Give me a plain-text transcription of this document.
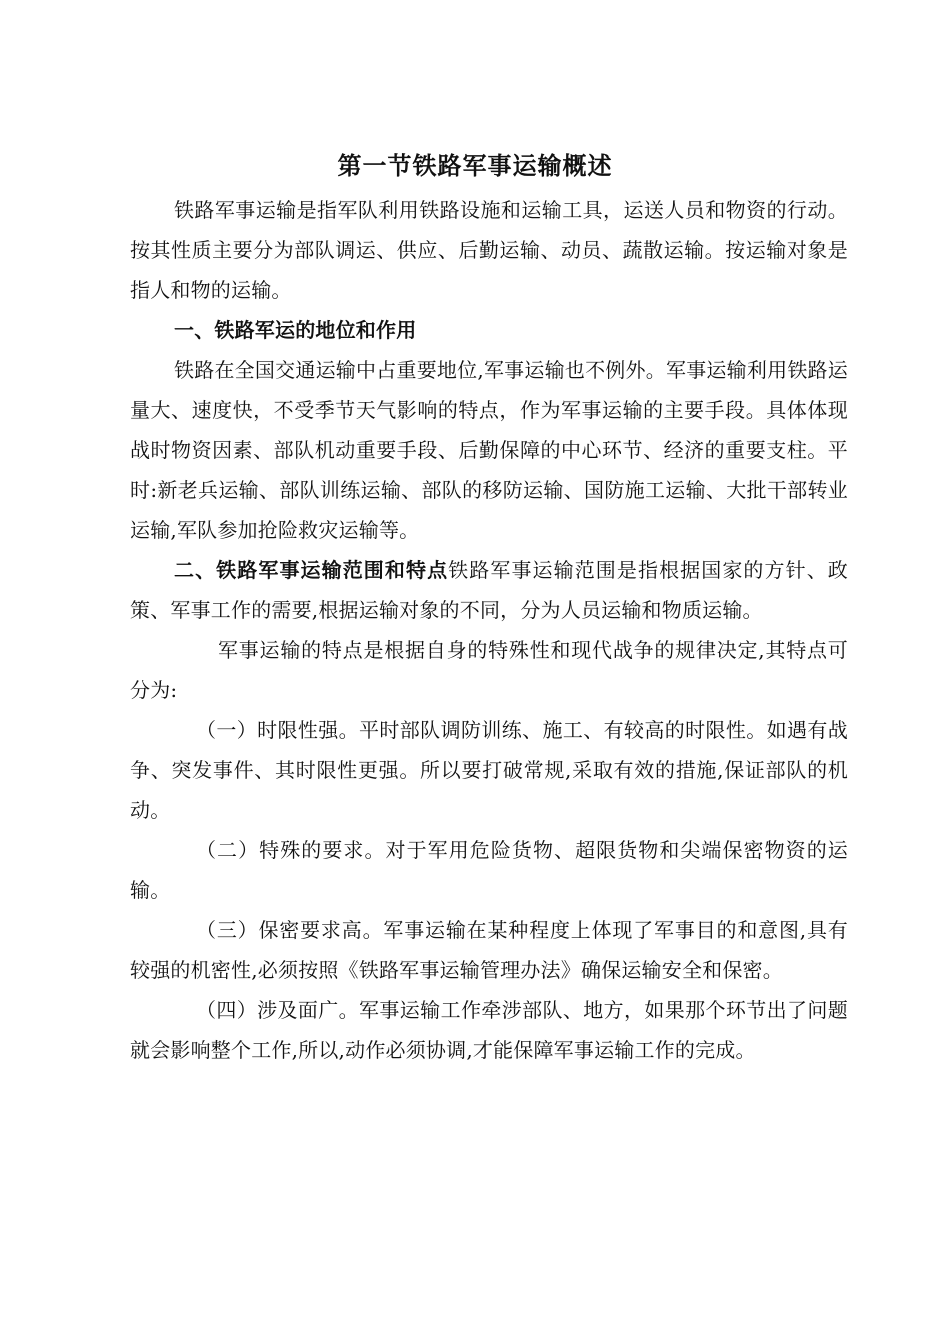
第一节铁路军事运输概述

铁路军事运输是指军队利用铁路设施和运输工具，运送人员和物资的行动。按其性质主要分为部队调运、供应、后勤运输、动员、蔬散运输。按运输对象是指人和物的运输。

一、铁路军运的地位和作用

铁路在全国交通运输中占重要地位,军事运输也不例外。军事运输利用铁路运量大、速度快，不受季节天气影响的特点，作为军事运输的主要手段。具体体现战时物资因素、部队机动重要手段、后勤保障的中心环节、经济的重要支柱。平时:新老兵运输、部队训练运输、部队的移防运输、国防施工运输、大批干部转业运输,军队参加抢险救灾运输等。

二、铁路军事运输范围和特点铁路军事运输范围是指根据国家的方针、政策、军事工作的需要,根据运输对象的不同，分为人员运输和物质运输。

军事运输的特点是根据自身的特殊性和现代战争的规律决定,其特点可分为:

（一）时限性强。平时部队调防训练、施工、有较高的时限性。如遇有战争、突发事件、其时限性更强。所以要打破常规,采取有效的措施,保证部队的机动。

（二）特殊的要求。对于军用危险货物、超限货物和尖端保密物资的运输。

（三）保密要求高。军事运输在某种程度上体现了军事目的和意图,具有较强的机密性,必须按照《铁路军事运输管理办法》确保运输安全和保密。

（四）涉及面广。军事运输工作牵涉部队、地方，如果那个环节出了问题就会影响整个工作,所以,动作必须协调,才能保障军事运输工作的完成。
